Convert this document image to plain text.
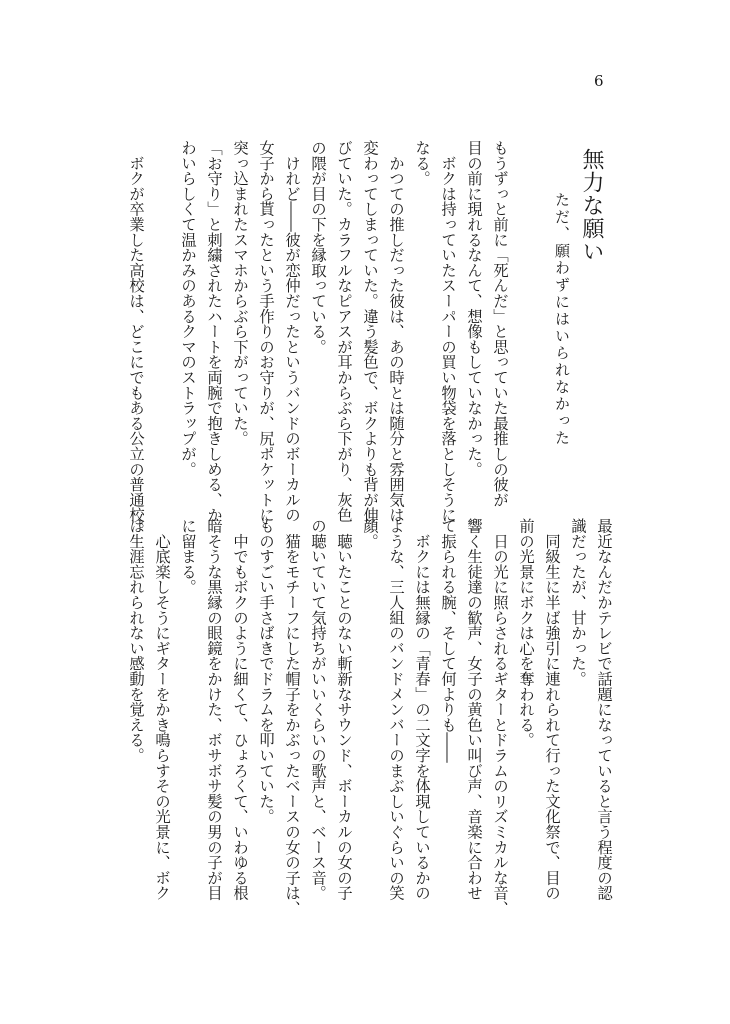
6
無力な願い
ただ、願わずにはいられなかった
もうずっと前に「死んだ」と思っていた最推しの彼が
目の前に現れるなんて、想像もしていなかった。
　ボクは持っていたスーパーの買い物袋を落としそうに
なる。
　かつての推しだった彼は、あの時とは随分と雰囲気は
変わってしまっていた。違う髪色で、ボクよりも背が伸
びていた。カラフルなピアスが耳からぶら下がり、灰色
の隈が目の下を縁取っている。
　けれど――彼が恋仲だったというバンドのボーカルの
女子から貰ったという手作りのお守りが、尻ポケットに
突っ込まれたスマホからぶら下がっていた。
「お守り」と刺繍されたハートを両腕で抱きしめる、か
わいらしくて温かみのあるクマのストラップが。
　ボクが卒業した高校は、どこにでもある公立の普通校。
最近なんだかテレビで話題になっていると言う程度の認
識だったが、甘かった。
　同級生に半ば強引に連れられて行った文化祭で、目の
前の光景にボクは心を奪われる。
　日の光に照らされるギターとドラムのリズミカルな音、
響く生徒達の歓声、女子の黄色い叫び声、音楽に合わせ
て振られる腕、そして何よりも――
　ボクには無縁の「青春」の二文字を体現しているかの
ような、三人組のバンドメンバーのまぶしいぐらいの笑
顔。
　聴いたことのない斬新なサウンド、ボーカルの女の子
の聴いていて気持ちがいいくらいの歌声と、ベース音。
　猫をモチーフにした帽子をかぶったベースの女の子は、
ものすごい手さばきでドラムを叩いていた。
　中でもボクのように細くて、ひょろくて、いわゆる根
暗そうな黒縁の眼鏡をかけた、ボサボサ髪の男の子が目
に留まる。
　心底楽しそうにギターをかき鳴らすその光景に、ボク
は生涯忘れられない感動を覚える。
